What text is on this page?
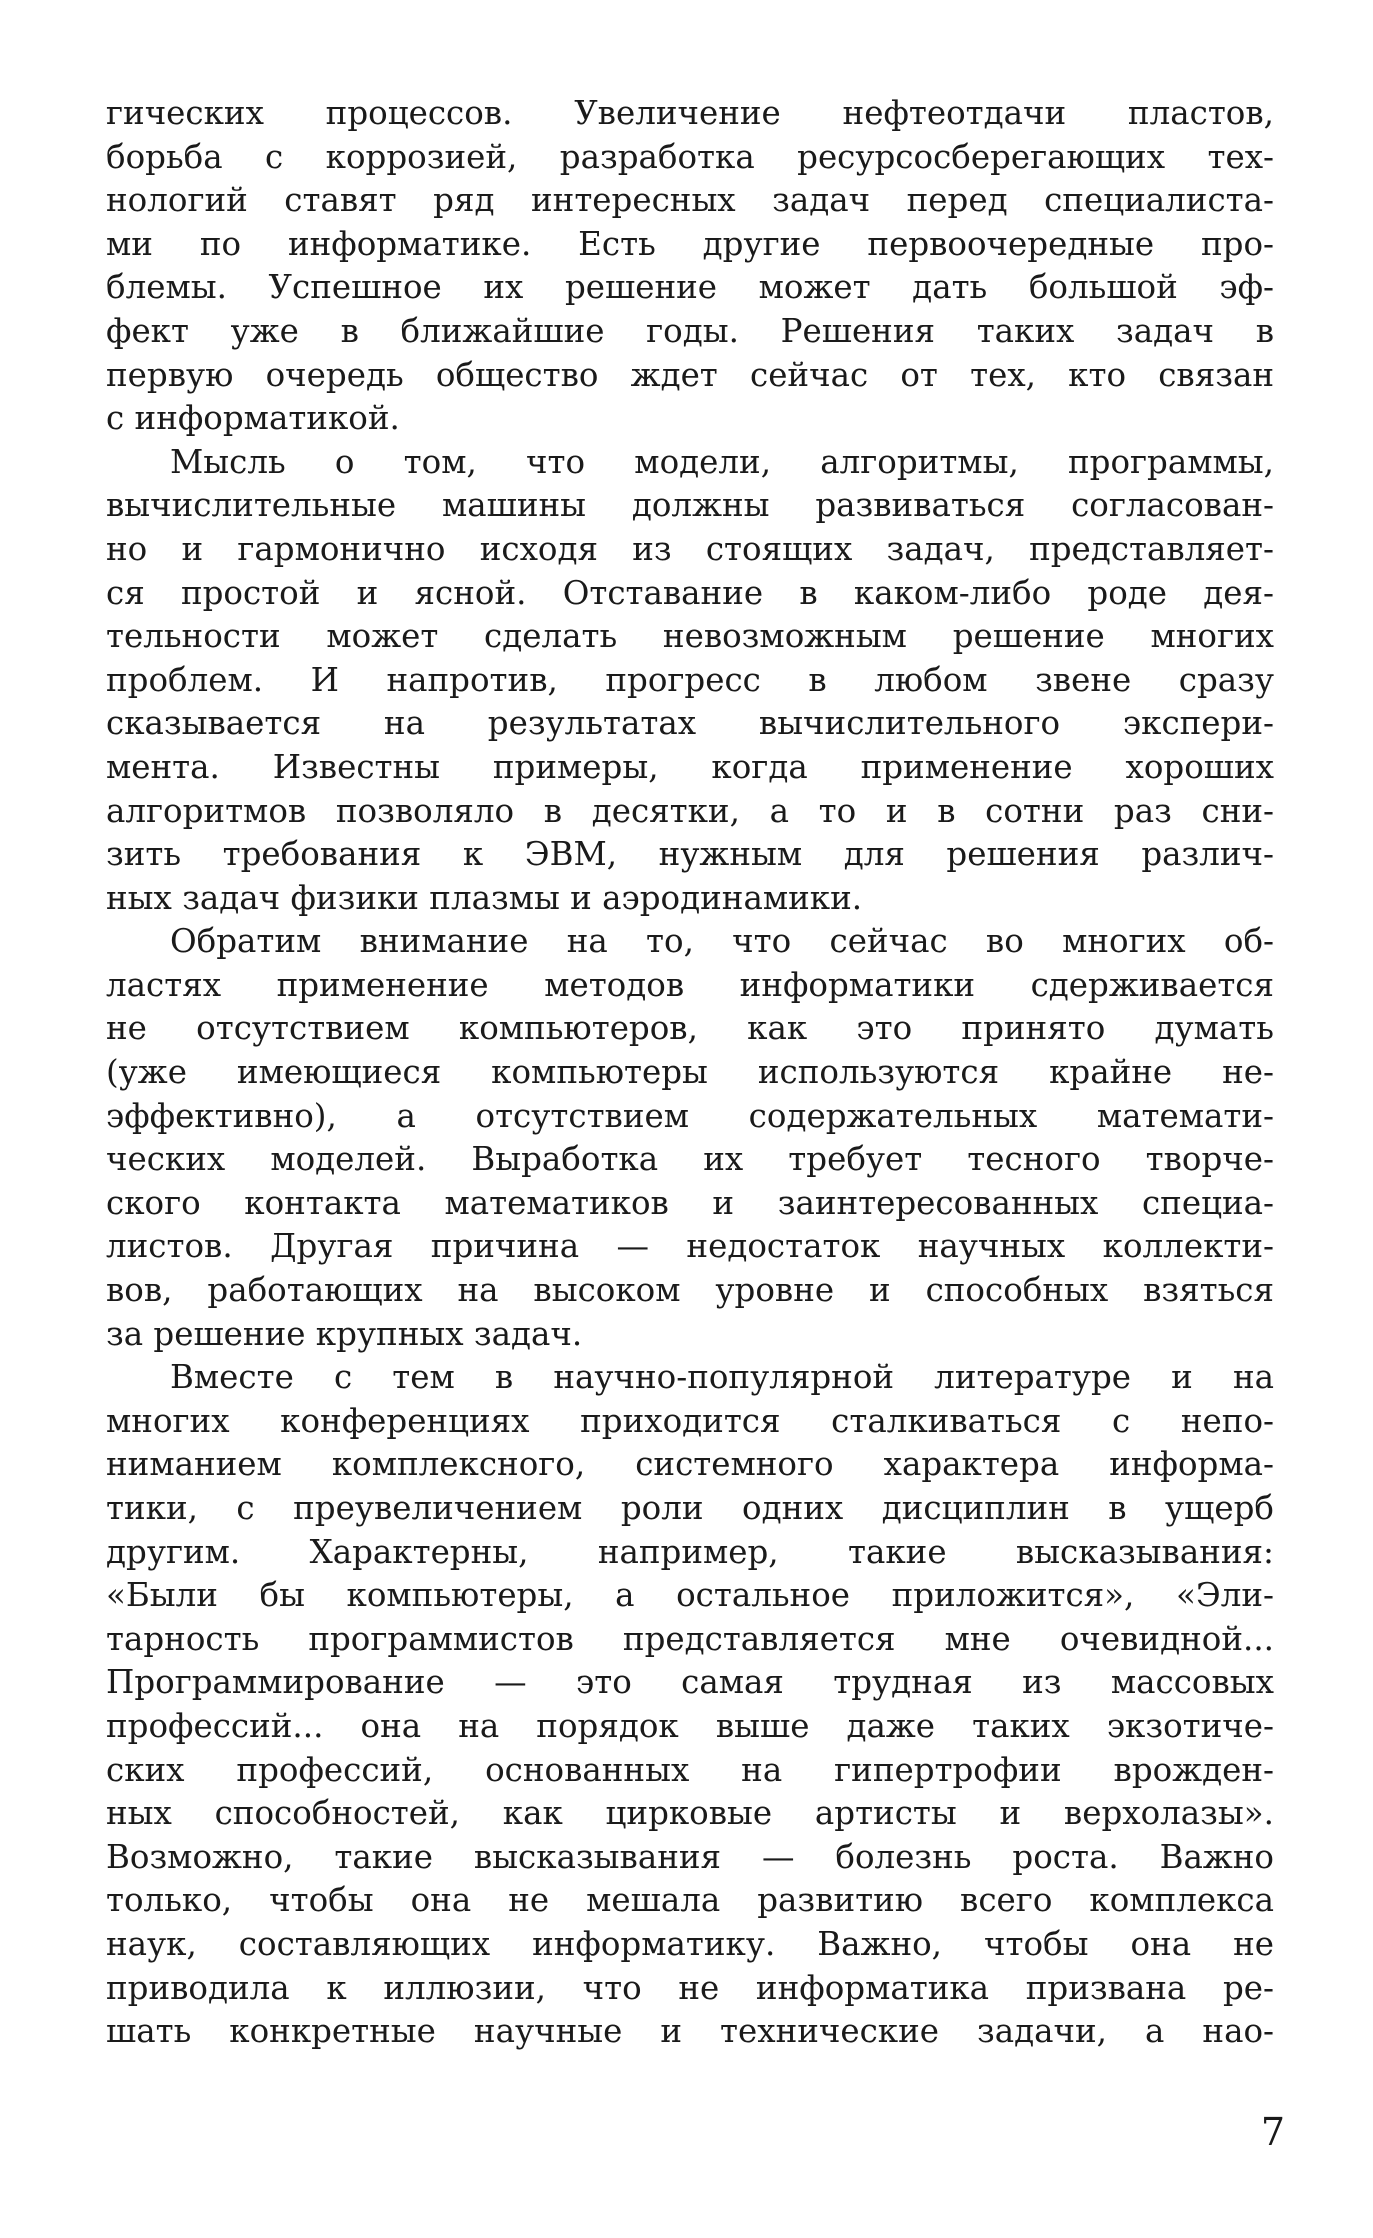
гических процессов. Увеличение нефтеотдачи пластов,
борьба с коррозией, разработка ресурсосберегающих тех-
нологий ставят ряд интересных задач перед специалиста-
ми по информатике. Есть другие первоочередные про-
блемы. Успешное их решение может дать большой эф-
фект уже в ближайшие годы. Решения таких задач в
первую очередь общество ждет сейчас от тех, кто связан
с информатикой.
Мысль о том, что модели, алгоритмы, программы,
вычислительные машины должны развиваться согласован-
но и гармонично исходя из стоящих задач, представляет-
ся простой и ясной. Отставание в каком-либо роде дея-
тельности может сделать невозможным решение многих
проблем. И напротив, прогресс в любом звене сразу
сказывается на результатах вычислительного экспери-
мента. Известны примеры, когда применение хороших
алгоритмов позволяло в десятки, а то и в сотни раз сни-
зить требования к ЭВМ, нужным для решения различ-
ных задач физики плазмы и аэродинамики.
Обратим внимание на то, что сейчас во многих об-
ластях применение методов информатики сдерживается
не отсутствием компьютеров, как это принято думать
(уже имеющиеся компьютеры используются крайне не-
эффективно), а отсутствием содержательных математи-
ческих моделей. Выработка их требует тесного творче-
ского контакта математиков и заинтересованных специа-
листов. Другая причина — недостаток научных коллекти-
вов, работающих на высоком уровне и способных взяться
за решение крупных задач.
Вместе с тем в научно-популярной литературе и на
многих конференциях приходится сталкиваться с непо-
ниманием комплексного, системного характера информа-
тики, с преувеличением роли одних дисциплин в ущерб
другим. Характерны, например, такие высказывания:
«Были бы компьютеры, а остальное приложится», «Эли-
тарность программистов представляется мне очевидной...
Программирование — это самая трудная из массовых
профессий... она на порядок выше даже таких экзотиче-
ских профессий, основанных на гипертрофии врожден-
ных способностей, как цирковые артисты и верхолазы».
Возможно, такие высказывания — болезнь роста. Важно
только, чтобы она не мешала развитию всего комплекса
наук, составляющих информатику. Важно, чтобы она не
приводила к иллюзии, что не информатика призвана ре-
шать конкретные научные и технические задачи, а нао-
7
